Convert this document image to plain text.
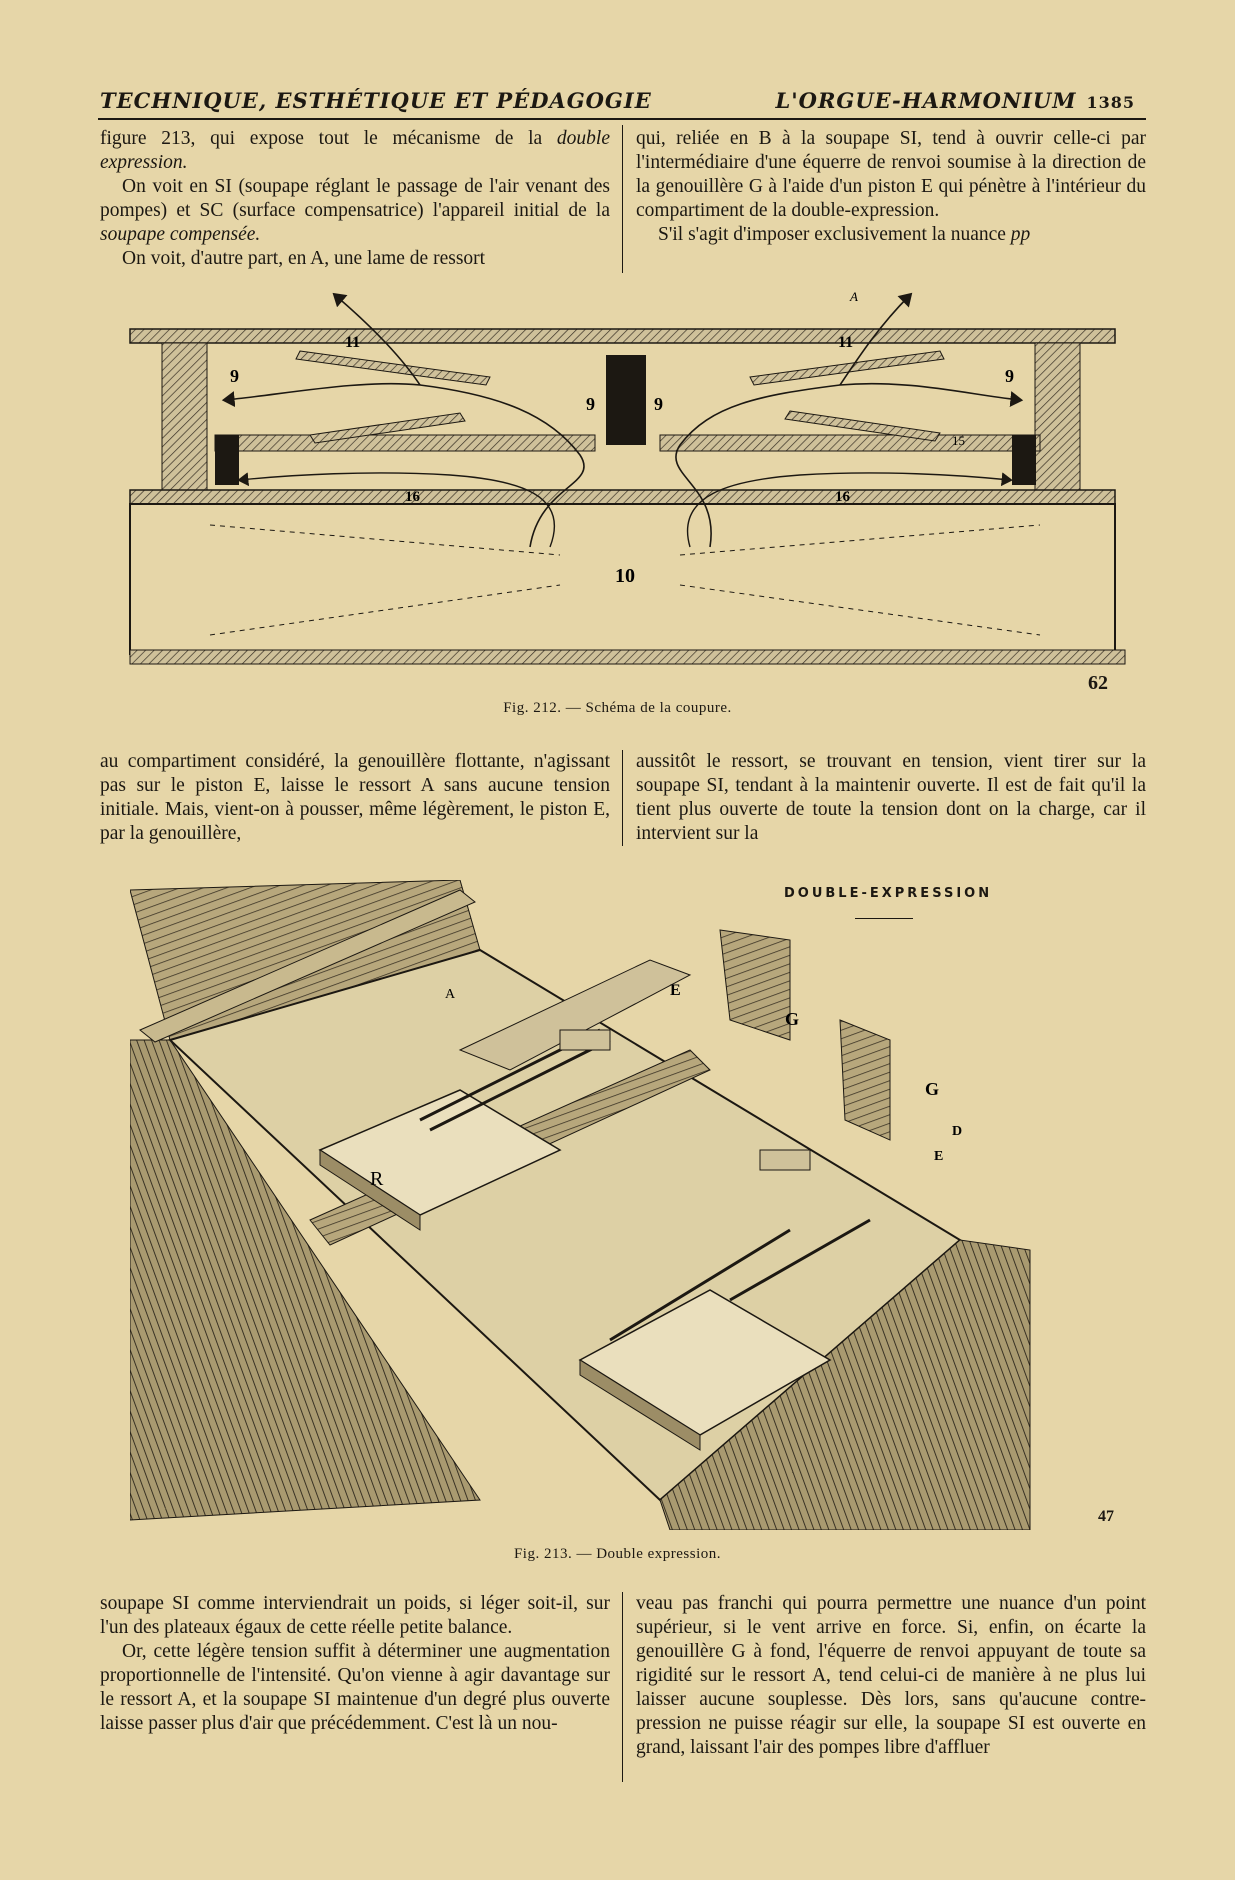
TECHNIQUE, ESTHÉTIQUE ET PÉDAGOGIE	L'ORGUE-HARMONIUM 1385

figure 213, qui expose tout le mécanisme de la double expression.

On voit en SI (soupape réglant le passage de l'air venant des pompes) et SC (surface compensatrice) l'appareil initial de la soupape compensée.

On voit, d'autre part, en A, une lame de ressort

qui, reliée en B à la soupape SI, tend à ouvrir celle-ci par l'intermédiaire d'une équerre de renvoi soumise à la direction de la genouillère G à l'aide d'un piston E qui pénètre à l'intérieur du compartiment de la double-expression.

S'il s'agit d'imposer exclusivement la nuance pp

11	11
9
9	9
9
15
16	16
10
A
62
Fig. 212. — Schéma de la coupure.

au compartiment considéré, la genouillère flottante, n'agissant pas sur le piston E, laisse le ressort A sans aucune tension initiale. Mais, vient-on à pousser, même légèrement, le piston E, par la genouillère,

aussitôt le ressort, se trouvant en tension, vient tirer sur la soupape SI, tendant à la maintenir ouverte. Il est de fait qu'il la tient plus ouverte de toute la tension dont on la charge, car il intervient sur la

R
A	E
G
G
D
E
DOUBLE-EXPRESSION
47
Fig. 213. — Double expression.

soupape SI comme interviendrait un poids, si léger soit-il, sur l'un des plateaux égaux de cette réelle petite balance.

Or, cette légère tension suffit à déterminer une augmentation proportionnelle de l'intensité. Qu'on vienne à agir davantage sur le ressort A, et la soupape SI maintenue d'un degré plus ouverte laisse passer plus d'air que précédemment. C'est là un nou-

veau pas franchi qui pourra permettre une nuance d'un point supérieur, si le vent arrive en force. Si, enfin, on écarte la genouillère G à fond, l'équerre de renvoi appuyant de toute sa rigidité sur le ressort A, tend celui-ci de manière à ne plus lui laisser aucune souplesse. Dès lors, sans qu'aucune contre-pression ne puisse réagir sur elle, la soupape SI est ouverte en grand, laissant l'air des pompes libre d'affluer
